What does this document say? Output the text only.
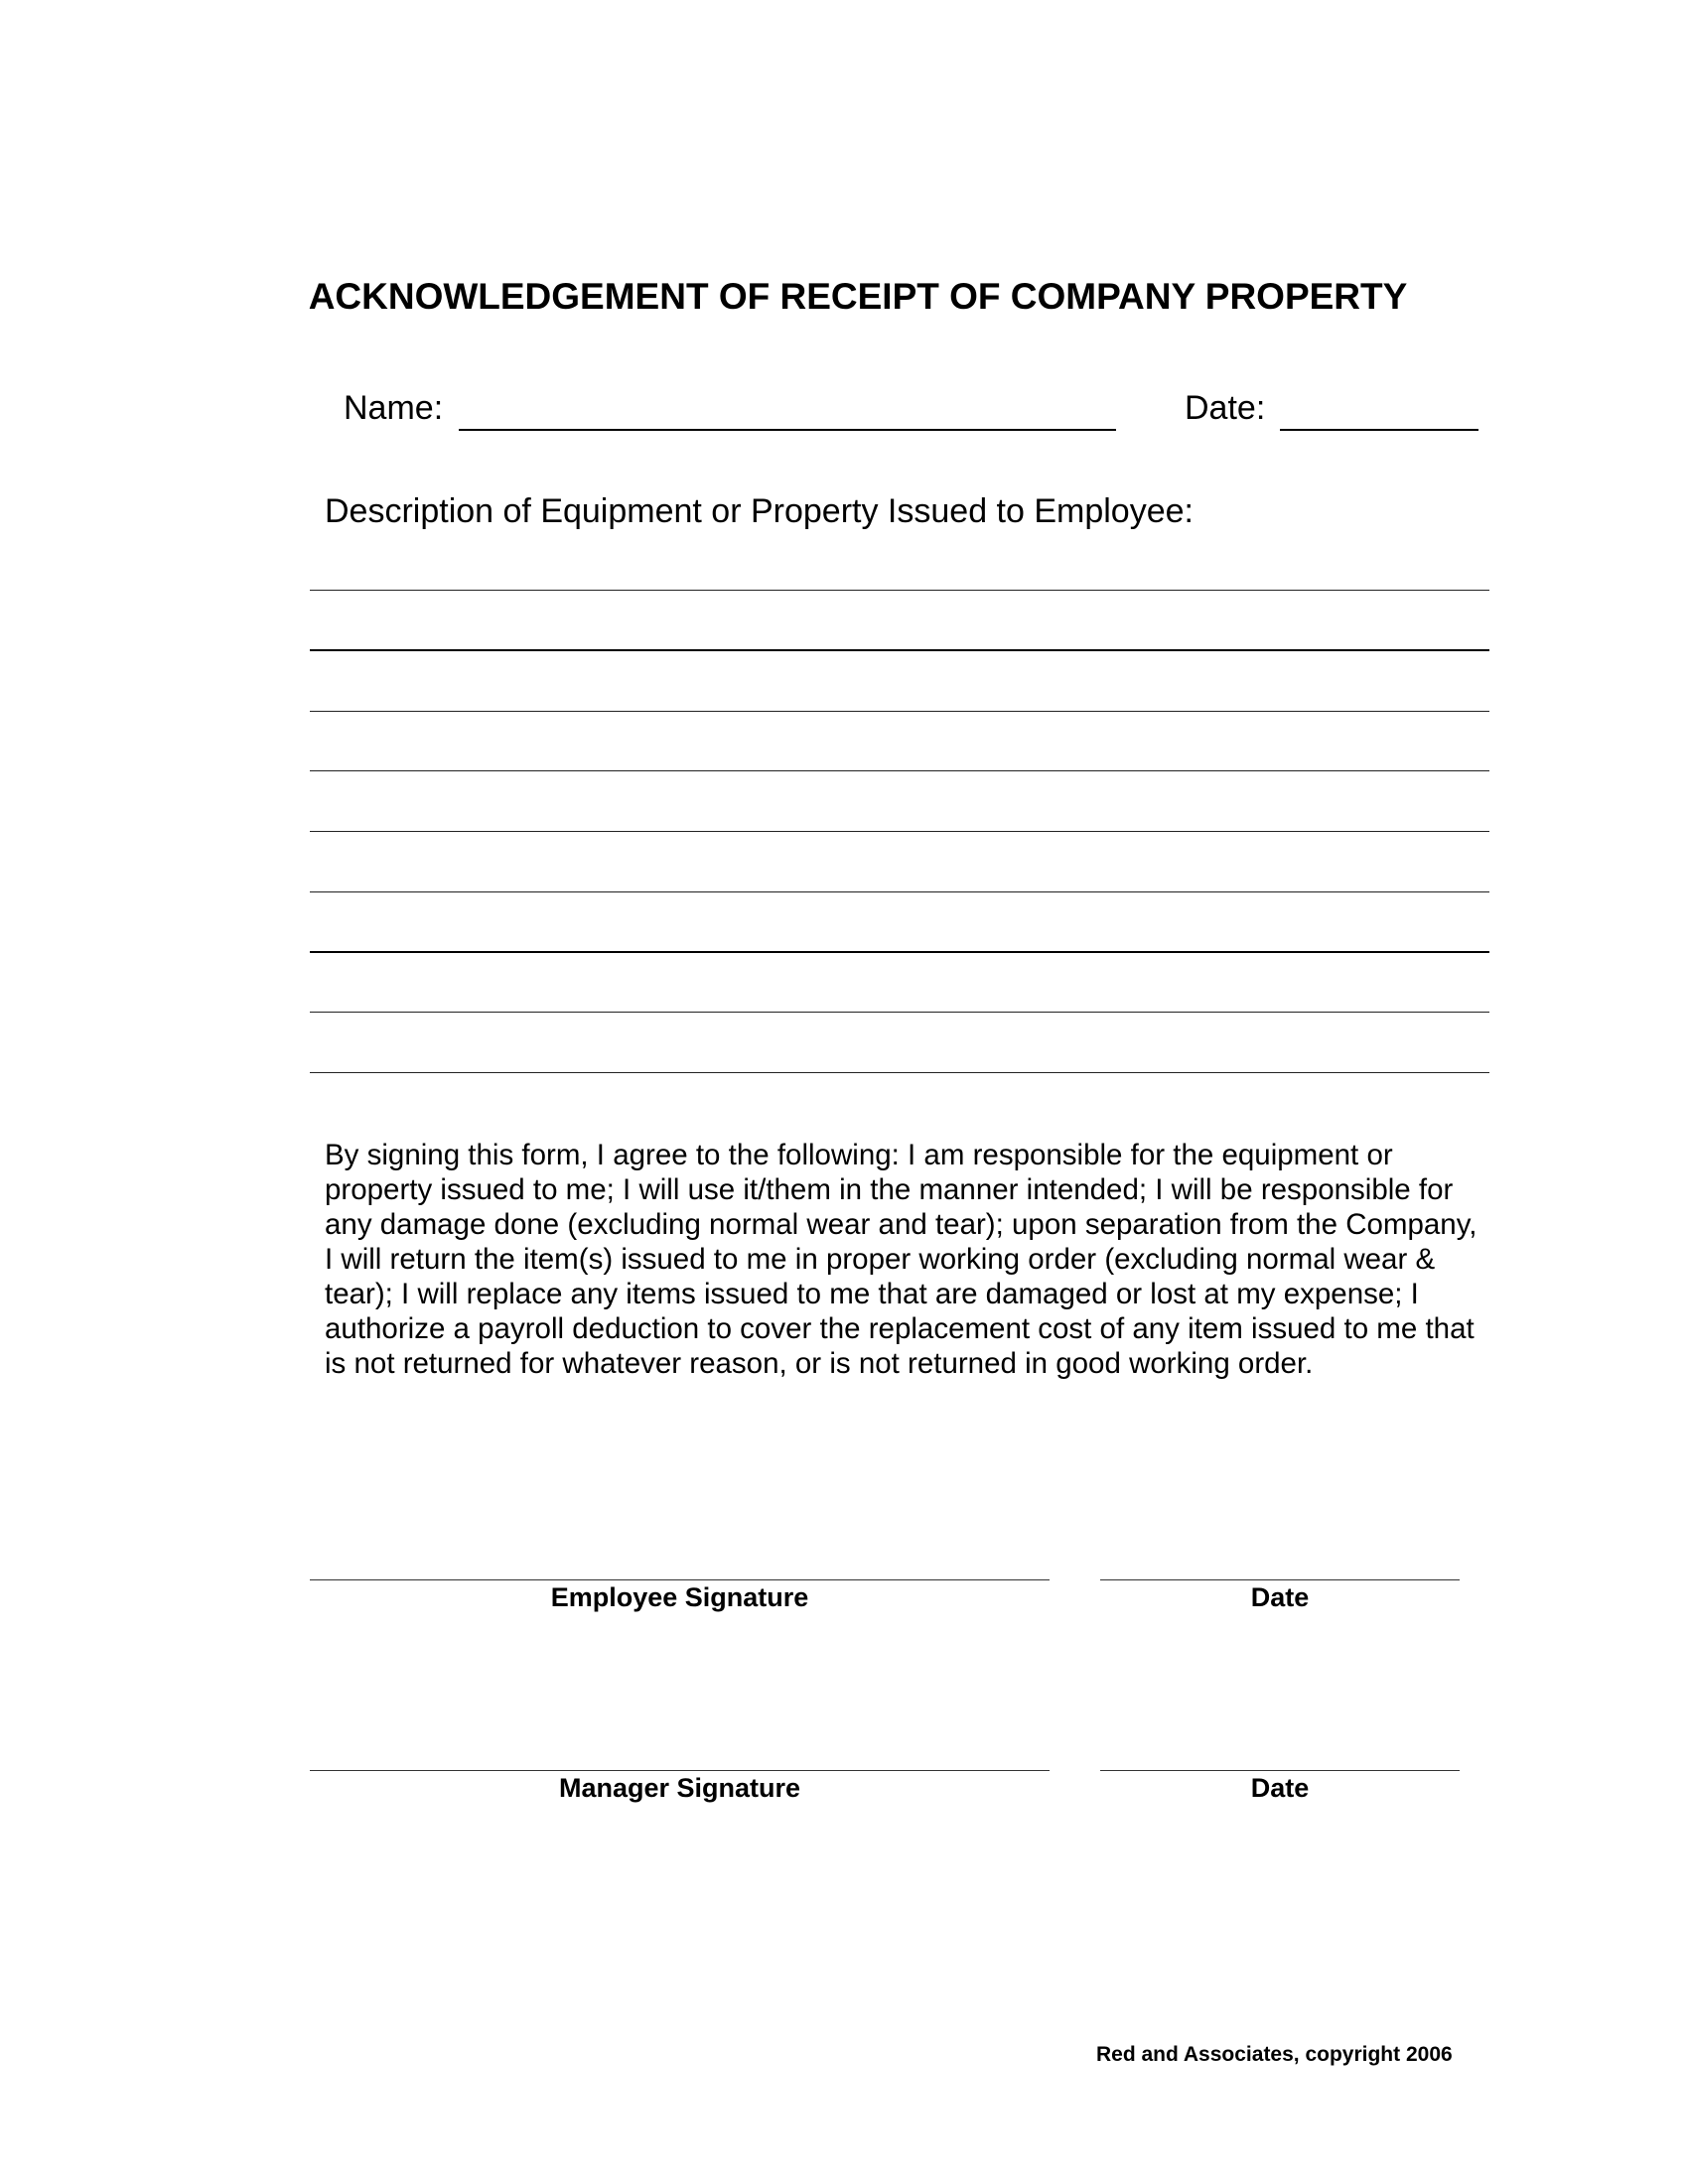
ACKNOWLEDGEMENT OF RECEIPT OF COMPANY PROPERTY
Name:	Date:
Description of Equipment or Property Issued to Employee:
By signing this form, I agree to the following: I am responsible for the equipment or property issued to me; I will use it/them in the manner intended; I will be responsible for any damage done (excluding normal wear and tear); upon separation from the Company, I will return the item(s) issued to me in proper working order (excluding normal wear & tear); I will replace any items issued to me that are damaged or lost at my expense; I authorize a payroll deduction to cover the replacement cost of any item issued to me that is not returned for whatever reason, or is not returned in good working order.
Employee Signature	Date
Manager Signature	Date
Red and Associates, copyright 2006
